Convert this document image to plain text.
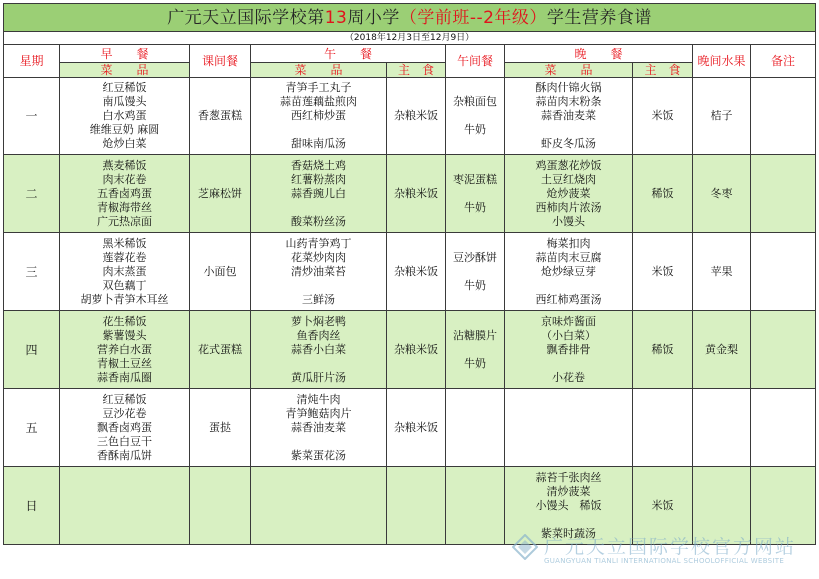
广元天立国际学校第13周小学（学前班--2年级）学生营养食谱									
（2018年12月3日至12月9日）									
星期	早　　餐	课间餐	午　　餐		午间餐	晚　　餐		晚间水果	备注
	菜　　品		菜　　品	主　食		菜　　品	主　食		
一	红豆稀饭
南瓜馒头
白水鸡蛋
维维豆奶 麻圆
炝炒白菜	香葱蛋糕	青笋手工丸子
蒜苗莲藕盐煎肉
西红柿炒蛋
甜味南瓜汤	杂粮米饭	杂粮面包
牛奶	酥肉什锦火锅
蒜苗肉末粉条
蒜香油麦菜
虾皮冬瓜汤	米饭	桔子	
二	燕麦稀饭
肉末花卷
五香卤鸡蛋
青椒海带丝
广元热凉面	芝麻松饼	香菇烧土鸡
红薯粉蒸肉
蒜香豌儿白
酸菜粉丝汤	杂粮米饭	枣泥蛋糕
牛奶	鸡蛋葱花炒饭
土豆红烧肉
炝炒菠菜
西柿肉片浓汤
小馒头	稀饭	冬枣	
三	黑米稀饭
莲蓉花卷
肉末蒸蛋
双色藕丁
胡萝卜青笋木耳丝	小面包	山药青笋鸡丁
花菜炒肉肉
清炒油菜苔
三鲜汤	杂粮米饭	豆沙酥饼
牛奶	梅菜扣肉
蒜苗肉末豆腐
炝炒绿豆芽
西红柿鸡蛋汤	米饭	苹果	
四	花生稀饭
紫薯馒头
营养白水蛋
青椒土豆丝
蒜香南瓜圈	花式蛋糕	萝卜焖老鸭
鱼香肉丝
蒜香小白菜
黄瓜肝片汤	杂粮米饭	沾糖膜片
牛奶	京味炸酱面
（小白菜）
飘香排骨
小花卷	稀饭	黄金梨	
五	红豆稀饭
豆沙花卷
飘香卤鸡蛋
三色白豆干
香酥南瓜饼	蛋挞	清炖牛肉
青笋鲍菇肉片
蒜香油麦菜
紫菜蛋花汤	杂粮米饭	

日						蒜苔千张肉丝
清炒菠菜
小馒头　稀饭
紫菜时蔬汤	米饭		
广元天立国际学校官方网站
GUANGYUAN TIANLI INTERNATIONAL SCHOOLOFFICIAL WEBSITE
